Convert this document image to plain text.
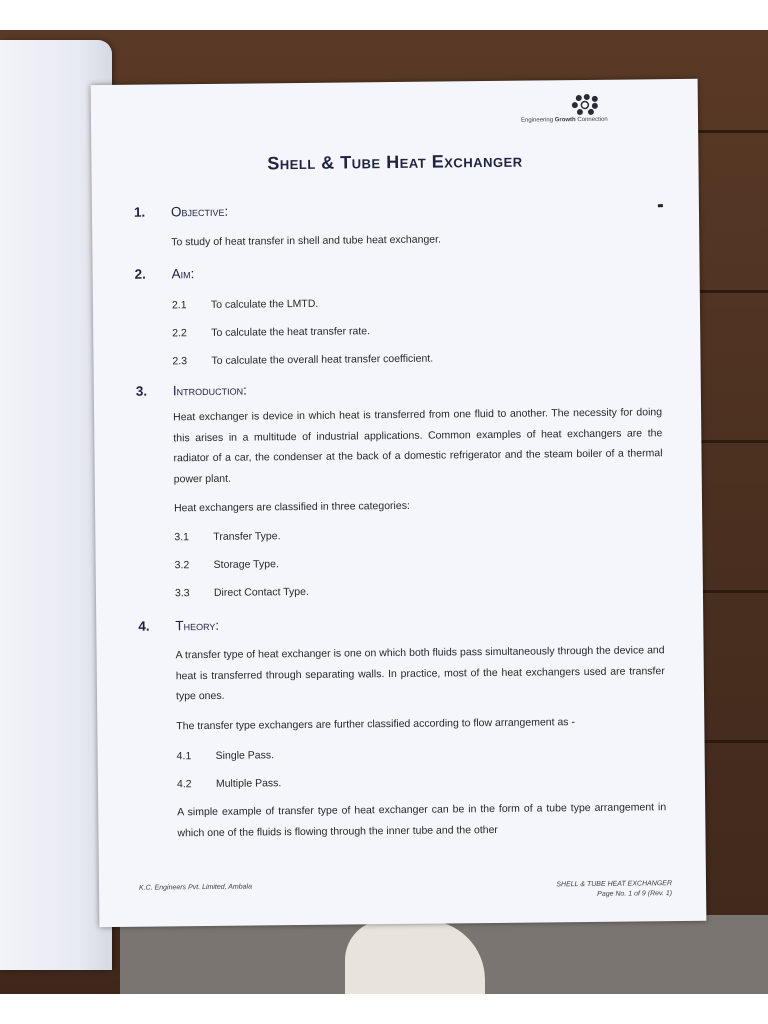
Engineering Growth Connection
Shell & Tube Heat Exchanger
1. Objective:
To study of heat transfer in shell and tube heat exchanger.
2. Aim:
2.1 To calculate the LMTD.
2.2 To calculate the heat transfer rate.
2.3 To calculate the overall heat transfer coefficient.
3. Introduction:
Heat exchanger is device in which heat is transferred from one fluid to another. The necessity for doing this arises in a multitude of industrial applications. Common examples of heat exchangers are the radiator of a car, the condenser at the back of a domestic refrigerator and the steam boiler of a thermal power plant.
Heat exchangers are classified in three categories:
3.1 Transfer Type.
3.2 Storage Type.
3.3 Direct Contact Type.
4. Theory:
A transfer type of heat exchanger is one on which both fluids pass simultaneously through the device and heat is transferred through separating walls. In practice, most of the heat exchangers used are transfer type ones.
The transfer type exchangers are further classified according to flow arrangement as -
4.1 Single Pass.
4.2 Multiple Pass.
A simple example of transfer type of heat exchanger can be in the form of a tube type arrangement in which one of the fluids is flowing through the inner tube and the other
K.C. Engineers Pvt. Limited, Ambala	SHELL & TUBE HEAT EXCHANGER
Page No. 1 of 9 (Rev. 1)
